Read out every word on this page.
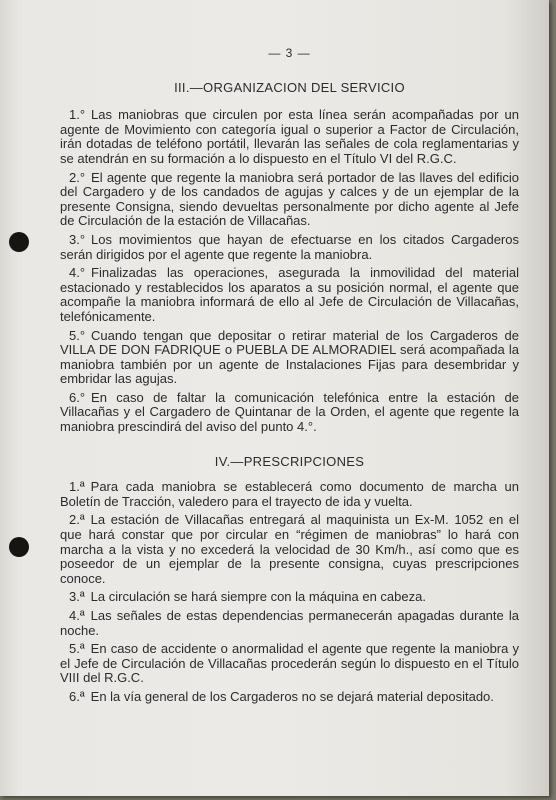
— 3 —
III.—ORGANIZACION DEL SERVICIO

1.° Las maniobras que circulen por esta línea serán acompañadas por un agente de Movimiento con categoría igual o superior a Factor de Circulación, irán dotadas de teléfono portátil, llevarán las señales de cola reglamentarias y se atendrán en su formación a lo dispuesto en el Título VI del R.G.C.

2.° El agente que regente la maniobra será portador de las llaves del edificio del Cargadero y de los candados de agujas y calces y de un ejemplar de la presente Consigna, siendo devueltas personalmente por dicho agente al Jefe de Circulación de la estación de Villacañas.

3.° Los movimientos que hayan de efectuarse en los citados Cargaderos serán dirigidos por el agente que regente la maniobra.

4.° Finalizadas las operaciones, asegurada la inmovilidad del material estacionado y restablecidos los aparatos a su posición normal, el agente que acompañe la maniobra informará de ello al Jefe de Circulación de Villacañas, telefónicamente.

5.° Cuando tengan que depositar o retirar material de los Cargaderos de VILLA DE DON FADRIQUE o PUEBLA DE ALMORADIEL será acompañada la maniobra también por un agente de Instalaciones Fijas para desembridar y embridar las agujas.

6.° En caso de faltar la comunicación telefónica entre la estación de Villacañas y el Cargadero de Quintanar de la Orden, el agente que regente la maniobra prescindirá del aviso del punto 4.°.

IV.—PRESCRIPCIONES

1.ª Para cada maniobra se establecerá como documento de marcha un Boletín de Tracción, valedero para el trayecto de ida y vuelta.

2.ª La estación de Villacañas entregará al maquinista un Ex-M. 1052 en el que hará constar que por circular en “régimen de maniobras” lo hará con marcha a la vista y no excederá la velocidad de 30 Km/h., así como que es poseedor de un ejemplar de la presente consigna, cuyas prescripciones conoce.

3.ª La circulación se hará siempre con la máquina en cabeza.

4.ª Las señales de estas dependencias permanecerán apagadas durante la noche.

5.ª En caso de accidente o anormalidad el agente que regente la maniobra y el Jefe de Circulación de Villacañas procederán según lo dispuesto en el Título VIII del R.G.C.

6.ª En la vía general de los Cargaderos no se dejará material depositado.
